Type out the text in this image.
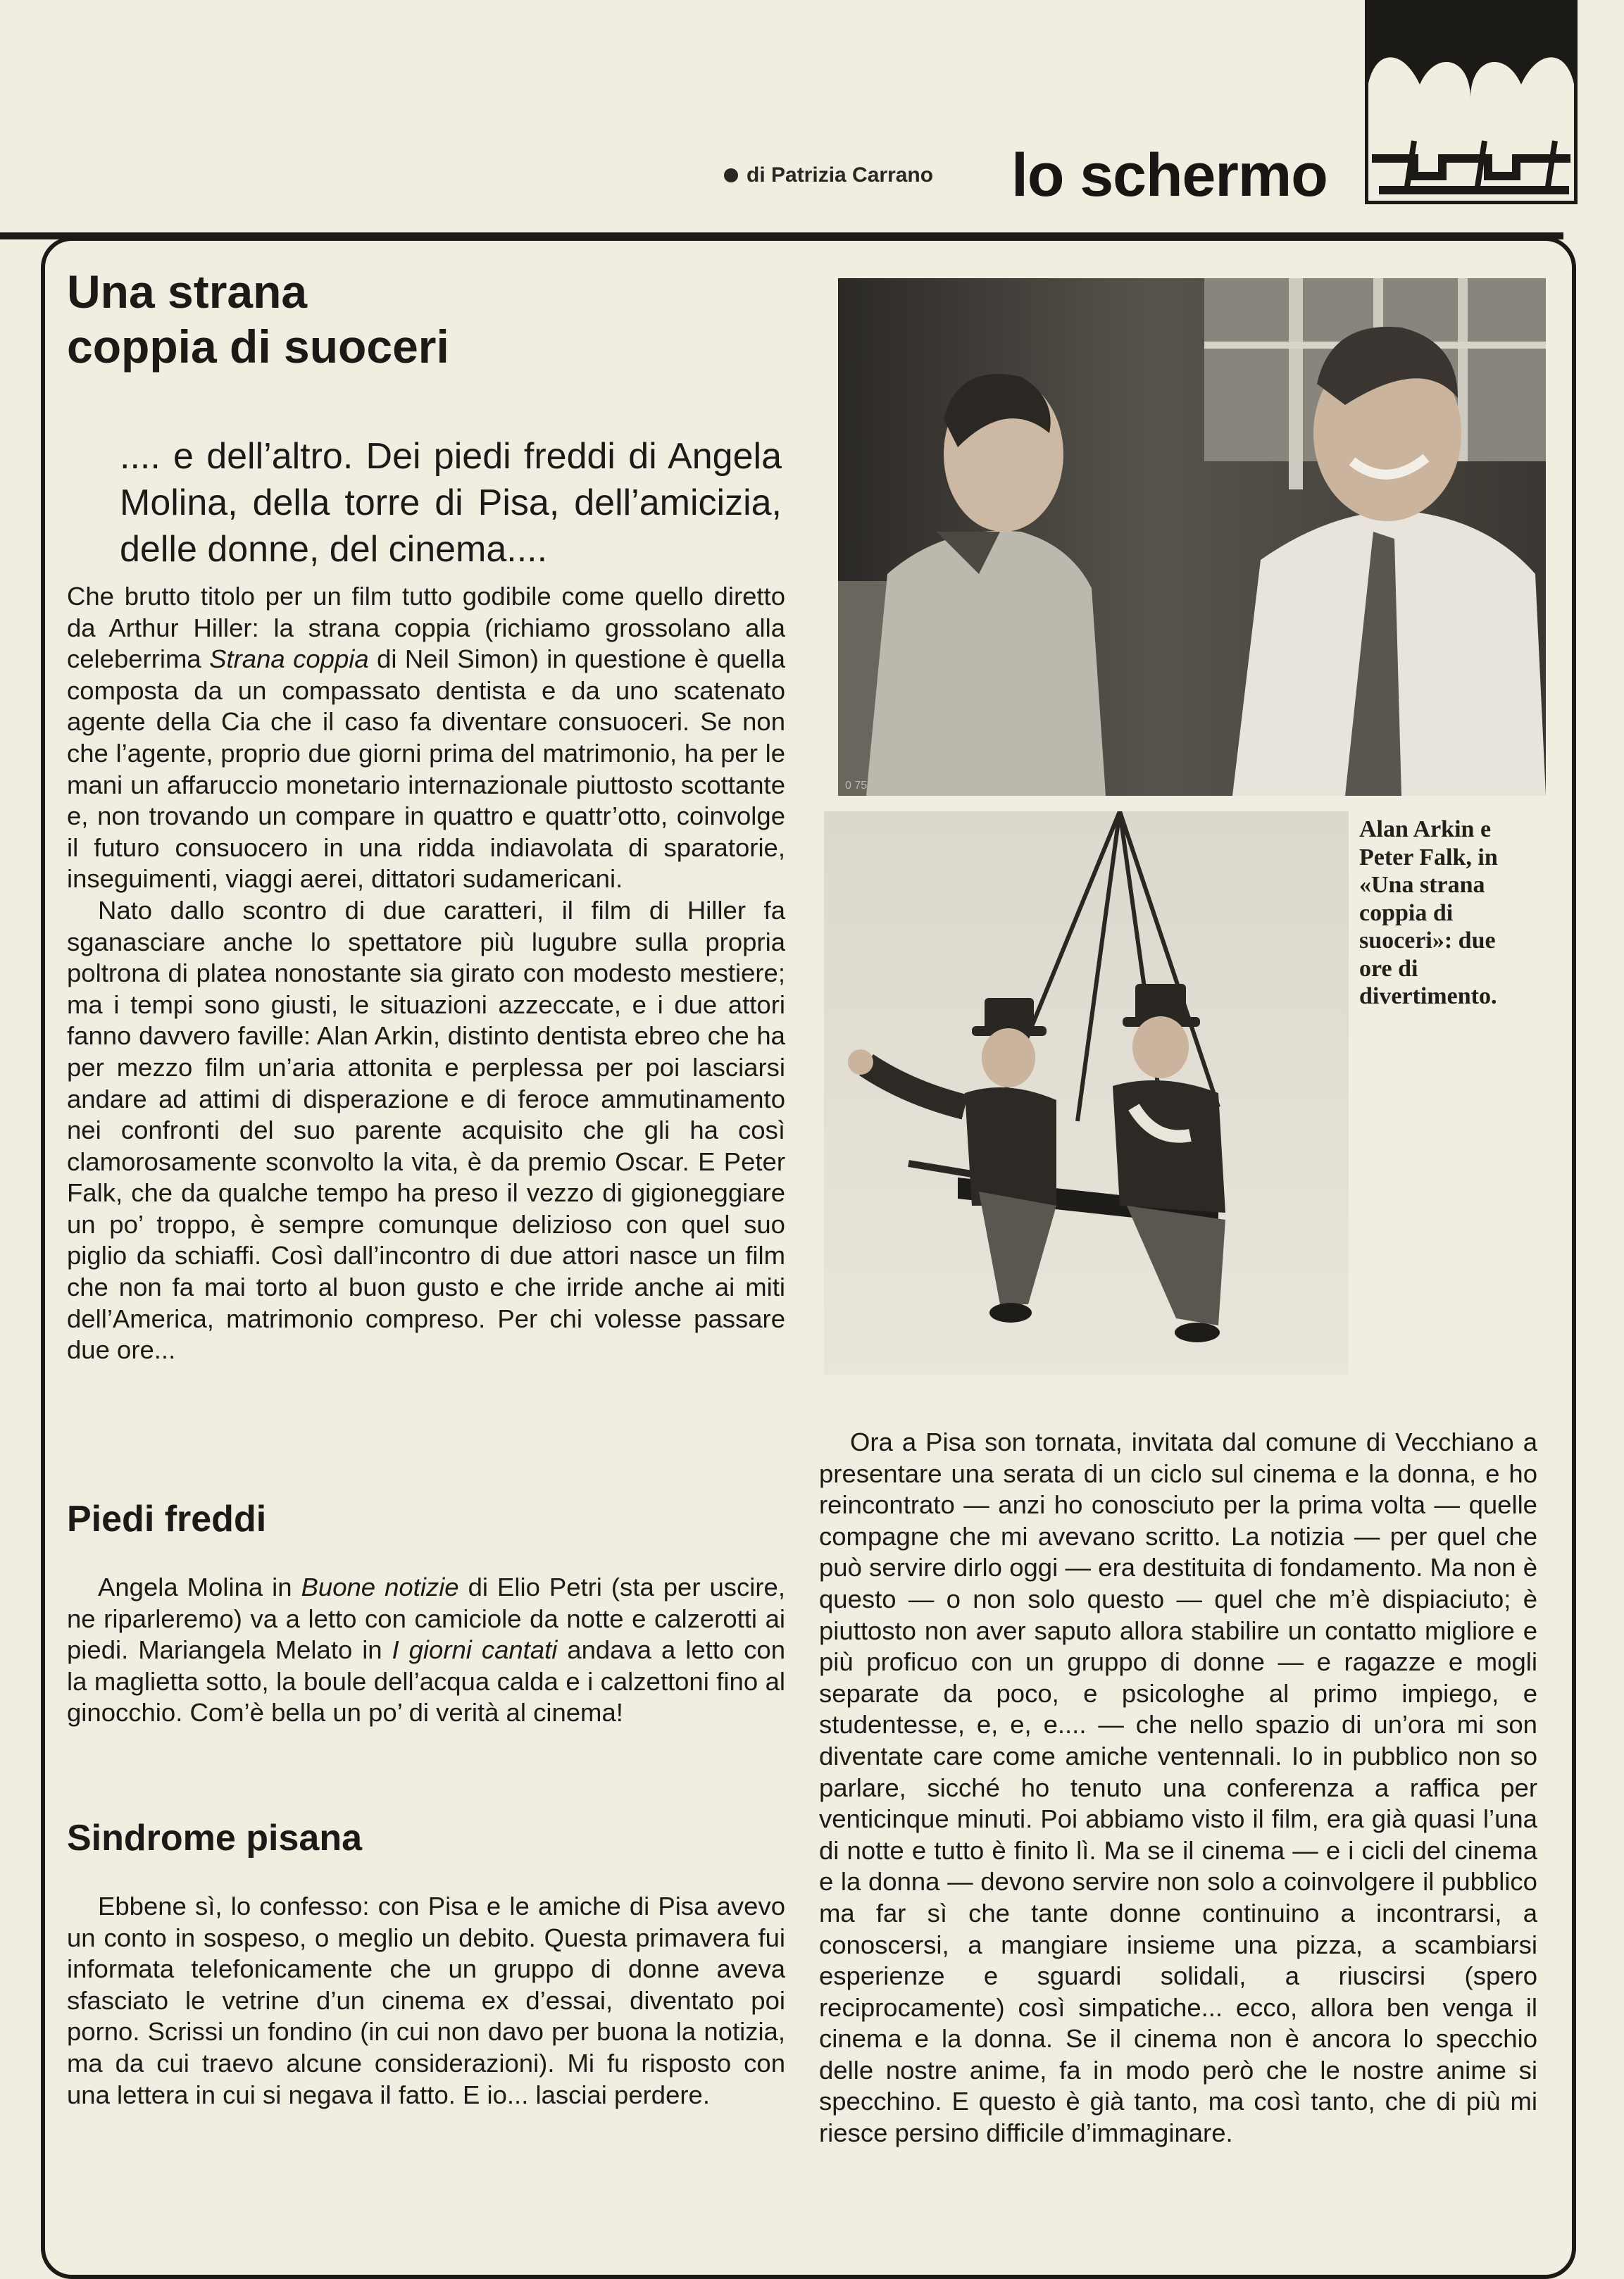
di Patrizia Carrano lo schermo
Una strana
coppia di suoceri
.... e dell’altro. Dei piedi freddi di Angela Molina, della torre di Pisa, dell’amicizia, delle donne, del cinema....

Che brutto titolo per un film tutto godibile come quello diretto da Arthur Hiller: la strana coppia (richiamo grossolano alla celeberrima Strana coppia di Neil Simon) in questione è quella composta da un compassato dentista e da uno scatenato agente della Cia che il caso fa diventare consuoceri. Se non che l’agente, proprio due giorni prima del matrimonio, ha per le mani un affaruccio monetario internazionale piuttosto scottante e, non trovando un compare in quattro e quattr’otto, coinvolge il futuro consuocero in una ridda indiavolata di sparatorie, inseguimenti, viaggi aerei, dittatori sudamericani.

Nato dallo scontro di due caratteri, il film di Hiller fa sganasciare anche lo spettatore più lugubre sulla propria poltrona di platea nonostante sia girato con modesto mestiere; ma i tempi sono giusti, le situazioni azzeccate, e i due attori fanno davvero faville: Alan Arkin, distinto dentista ebreo che ha per mezzo film un’aria attonita e perplessa per poi lasciarsi andare ad attimi di disperazione e di feroce ammutinamento nei confronti del suo parente acquisito che gli ha così clamorosamente sconvolto la vita, è da premio Oscar. E Peter Falk, che da qualche tempo ha preso il vezzo di gigioneggiare un po’ troppo, è sempre comunque delizioso con quel suo piglio da schiaffi. Così dall’incontro di due attori nasce un film che non fa mai torto al buon gusto e che irride anche ai miti dell’America, matrimonio compreso. Per chi volesse passare due ore...

Piedi freddi

Angela Molina in Buone notizie di Elio Petri (sta per uscire, ne riparleremo) va a letto con camiciole da notte e calzerotti ai piedi. Mariangela Melato in I giorni cantati andava a letto con la maglietta sotto, la boule dell’acqua calda e i calzettoni fino al ginocchio. Com’è bella un po’ di verità al cinema!

Sindrome pisana

Ebbene sì, lo confesso: con Pisa e le amiche di Pisa avevo un conto in sospeso, o meglio un debito. Questa primavera fui informata telefonicamente che un gruppo di donne aveva sfasciato le vetrine d’un cinema ex d’essai, diventato poi porno. Scrissi un fondino (in cui non davo per buona la notizia, ma da cui traevo alcune considerazioni). Mi fu risposto con una lettera in cui si negava il fatto. E io... lasciai perdere.

Ora a Pisa son tornata, invitata dal comune di Vecchiano a presentare una serata di un ciclo sul cinema e la donna, e ho reincontrato — anzi ho conosciuto per la prima volta — quelle compagne che mi avevano scritto. La notizia — per quel che può servire dirlo oggi — era destituita di fondamento. Ma non è questo — o non solo questo — quel che m’è dispiaciuto; è piuttosto non aver saputo allora stabilire un contatto migliore e più proficuo con un gruppo di donne — e ragazze e mogli separate da poco, e psicologhe al primo impiego, e studentesse, e, e, e.... — che nello spazio di un’ora mi son diventate care come amiche ventennali. Io in pubblico non so parlare, sicché ho tenuto una conferenza a raffica per venticinque minuti. Poi abbiamo visto il film, era già quasi l’una di notte e tutto è finito lì. Ma se il cinema — e i cicli del cinema e la donna — devono servire non solo a coinvolgere il pubblico ma far sì che tante donne continuino a incontrarsi, a conoscersi, a mangiare insieme una pizza, a scambiarsi esperienze e sguardi solidali, a riuscirsi (spero reciprocamente) così simpatiche... ecco, allora ben venga il cinema e la donna. Se il cinema non è ancora lo specchio delle nostre anime, fa in modo però che le nostre anime si specchino. E questo è già tanto, ma così tanto, che di più mi riesce persino difficile d’immaginare.

0 75-929
Alan Arkin e Peter Falk, in «Una strana coppia di suoceri»: due ore di divertimento.
